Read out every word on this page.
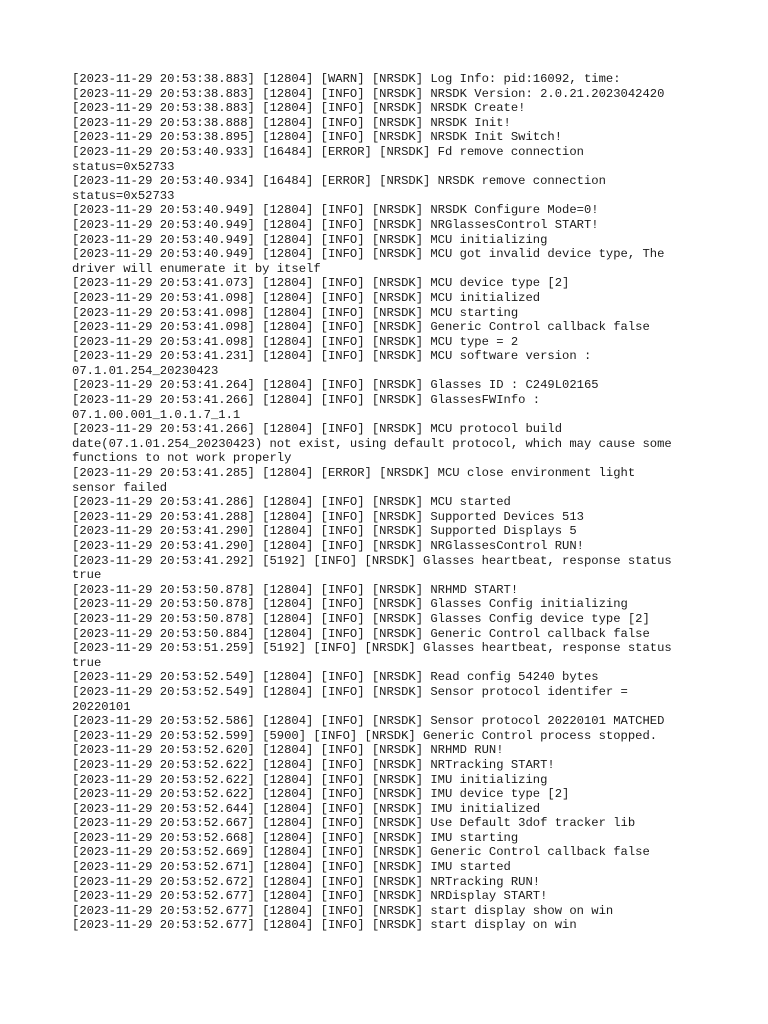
[2023-11-29 20:53:38.883] [12804] [WARN] [NRSDK] Log Info: pid:16092, time:
[2023-11-29 20:53:38.883] [12804] [INFO] [NRSDK] NRSDK Version: 2.0.21.2023042420
[2023-11-29 20:53:38.883] [12804] [INFO] [NRSDK] NRSDK Create!
[2023-11-29 20:53:38.888] [12804] [INFO] [NRSDK] NRSDK Init!
[2023-11-29 20:53:38.895] [12804] [INFO] [NRSDK] NRSDK Init Switch!
[2023-11-29 20:53:40.933] [16484] [ERROR] [NRSDK] Fd remove connection
status=0x52733
[2023-11-29 20:53:40.934] [16484] [ERROR] [NRSDK] NRSDK remove connection
status=0x52733
[2023-11-29 20:53:40.949] [12804] [INFO] [NRSDK] NRSDK Configure Mode=0!
[2023-11-29 20:53:40.949] [12804] [INFO] [NRSDK] NRGlassesControl START!
[2023-11-29 20:53:40.949] [12804] [INFO] [NRSDK] MCU initializing
[2023-11-29 20:53:40.949] [12804] [INFO] [NRSDK] MCU got invalid device type, The
driver will enumerate it by itself
[2023-11-29 20:53:41.073] [12804] [INFO] [NRSDK] MCU device type [2]
[2023-11-29 20:53:41.098] [12804] [INFO] [NRSDK] MCU initialized
[2023-11-29 20:53:41.098] [12804] [INFO] [NRSDK] MCU starting
[2023-11-29 20:53:41.098] [12804] [INFO] [NRSDK] Generic Control callback false
[2023-11-29 20:53:41.098] [12804] [INFO] [NRSDK] MCU type = 2
[2023-11-29 20:53:41.231] [12804] [INFO] [NRSDK] MCU software version :
07.1.01.254_20230423
[2023-11-29 20:53:41.264] [12804] [INFO] [NRSDK] Glasses ID : C249L02165
[2023-11-29 20:53:41.266] [12804] [INFO] [NRSDK] GlassesFWInfo :
07.1.00.001_1.0.1.7_1.1
[2023-11-29 20:53:41.266] [12804] [INFO] [NRSDK] MCU protocol build
date(07.1.01.254_20230423) not exist, using default protocol, which may cause some
functions to not work properly
[2023-11-29 20:53:41.285] [12804] [ERROR] [NRSDK] MCU close environment light
sensor failed
[2023-11-29 20:53:41.286] [12804] [INFO] [NRSDK] MCU started
[2023-11-29 20:53:41.288] [12804] [INFO] [NRSDK] Supported Devices 513
[2023-11-29 20:53:41.290] [12804] [INFO] [NRSDK] Supported Displays 5
[2023-11-29 20:53:41.290] [12804] [INFO] [NRSDK] NRGlassesControl RUN!
[2023-11-29 20:53:41.292] [5192] [INFO] [NRSDK] Glasses heartbeat, response status
true
[2023-11-29 20:53:50.878] [12804] [INFO] [NRSDK] NRHMD START!
[2023-11-29 20:53:50.878] [12804] [INFO] [NRSDK] Glasses Config initializing
[2023-11-29 20:53:50.878] [12804] [INFO] [NRSDK] Glasses Config device type [2]
[2023-11-29 20:53:50.884] [12804] [INFO] [NRSDK] Generic Control callback false
[2023-11-29 20:53:51.259] [5192] [INFO] [NRSDK] Glasses heartbeat, response status
true
[2023-11-29 20:53:52.549] [12804] [INFO] [NRSDK] Read config 54240 bytes
[2023-11-29 20:53:52.549] [12804] [INFO] [NRSDK] Sensor protocol identifer =
20220101
[2023-11-29 20:53:52.586] [12804] [INFO] [NRSDK] Sensor protocol 20220101 MATCHED
[2023-11-29 20:53:52.599] [5900] [INFO] [NRSDK] Generic Control process stopped.
[2023-11-29 20:53:52.620] [12804] [INFO] [NRSDK] NRHMD RUN!
[2023-11-29 20:53:52.622] [12804] [INFO] [NRSDK] NRTracking START!
[2023-11-29 20:53:52.622] [12804] [INFO] [NRSDK] IMU initializing
[2023-11-29 20:53:52.622] [12804] [INFO] [NRSDK] IMU device type [2]
[2023-11-29 20:53:52.644] [12804] [INFO] [NRSDK] IMU initialized
[2023-11-29 20:53:52.667] [12804] [INFO] [NRSDK] Use Default 3dof tracker lib
[2023-11-29 20:53:52.668] [12804] [INFO] [NRSDK] IMU starting
[2023-11-29 20:53:52.669] [12804] [INFO] [NRSDK] Generic Control callback false
[2023-11-29 20:53:52.671] [12804] [INFO] [NRSDK] IMU started
[2023-11-29 20:53:52.672] [12804] [INFO] [NRSDK] NRTracking RUN!
[2023-11-29 20:53:52.677] [12804] [INFO] [NRSDK] NRDisplay START!
[2023-11-29 20:53:52.677] [12804] [INFO] [NRSDK] start display show on win
[2023-11-29 20:53:52.677] [12804] [INFO] [NRSDK] start display on win
